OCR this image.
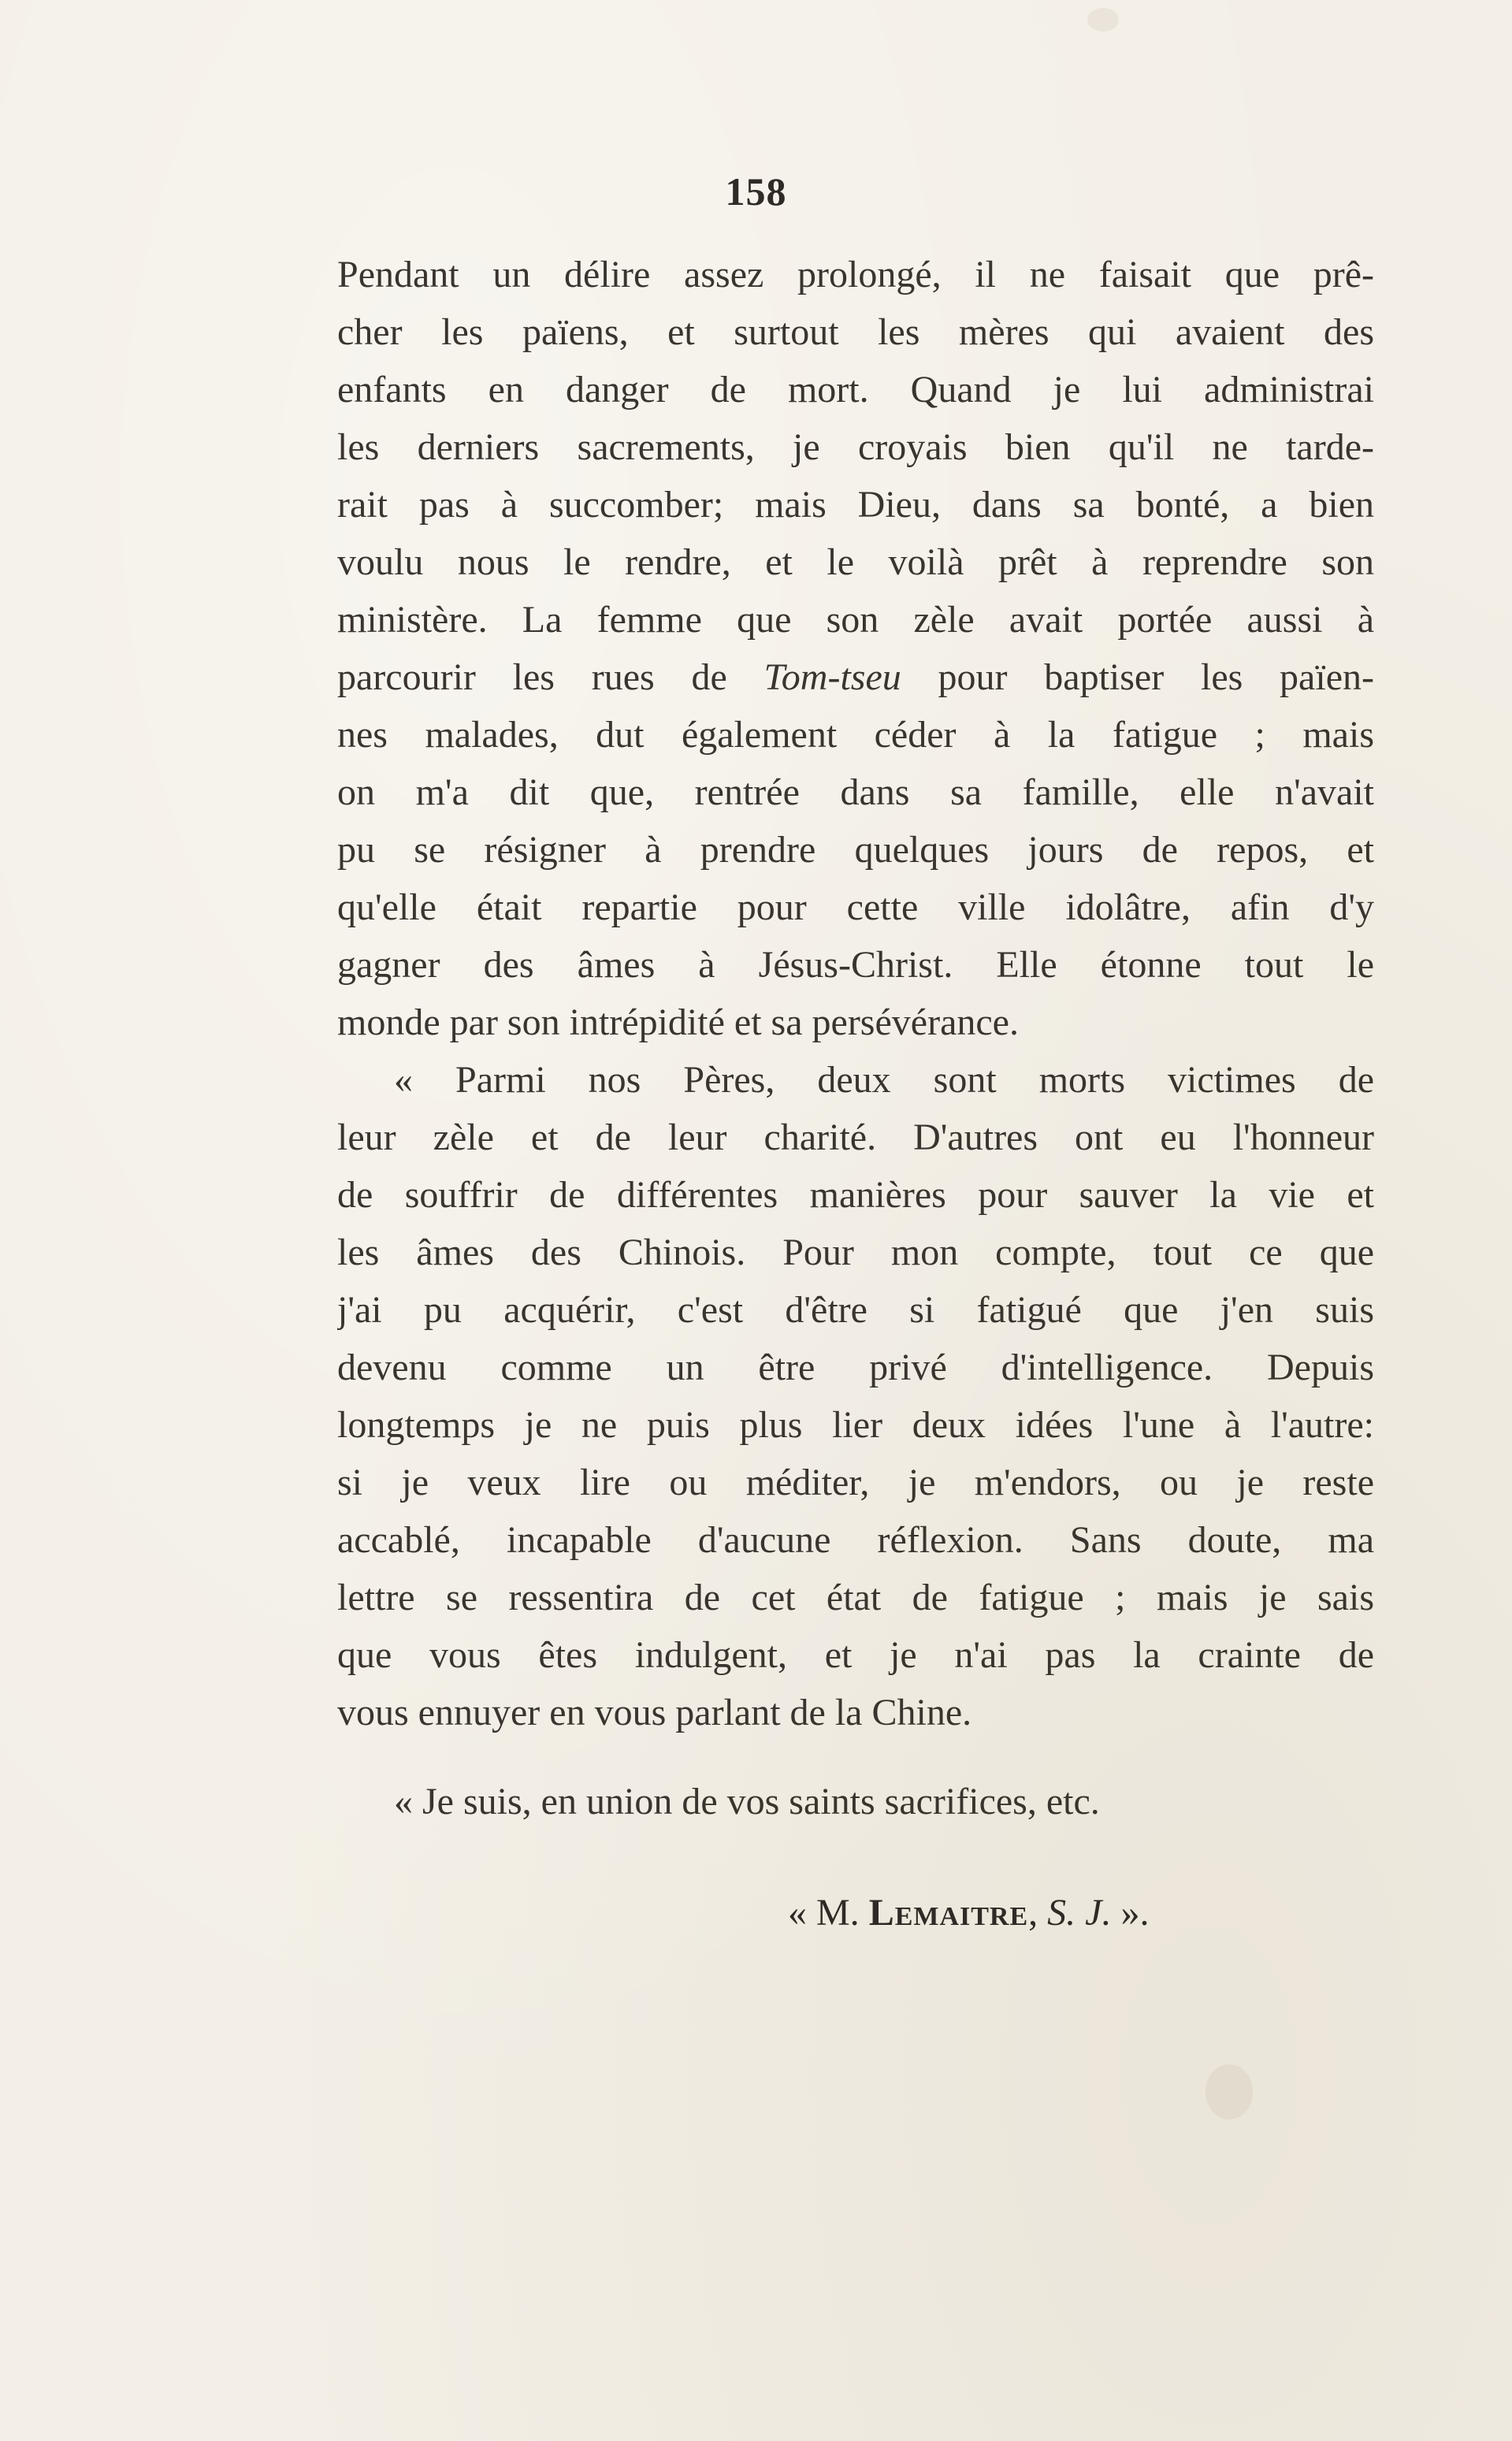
158
Pendant un délire assez prolongé, il ne faisait que prê-
cher les païens, et surtout les mères qui avaient des
enfants en danger de mort. Quand je lui administrai
les derniers sacrements, je croyais bien qu'il ne tarde-
rait pas à succomber; mais Dieu, dans sa bonté, a bien
voulu nous le rendre, et le voilà prêt à reprendre son
ministère. La femme que son zèle avait portée aussi à
parcourir les rues de Tom-tseu pour baptiser les païen-
nes malades, dut également céder à la fatigue ; mais
on m'a dit que, rentrée dans sa famille, elle n'avait
pu se résigner à prendre quelques jours de repos, et
qu'elle était repartie pour cette ville idolâtre, afin d'y
gagner des âmes à Jésus-Christ. Elle étonne tout le
monde par son intrépidité et sa persévérance.
« Parmi nos Pères, deux sont morts victimes de
leur zèle et de leur charité. D'autres ont eu l'honneur
de souffrir de différentes manières pour sauver la vie et
les âmes des Chinois. Pour mon compte, tout ce que
j'ai pu acquérir, c'est d'être si fatigué que j'en suis
devenu comme un être privé d'intelligence. Depuis
longtemps je ne puis plus lier deux idées l'une à l'autre:
si je veux lire ou méditer, je m'endors, ou je reste
accablé, incapable d'aucune réflexion. Sans doute, ma
lettre se ressentira de cet état de fatigue ; mais je sais
que vous êtes indulgent, et je n'ai pas la crainte de
vous ennuyer en vous parlant de la Chine.
« Je suis, en union de vos saints sacrifices, etc.
« M. Lemaitre, S. J. ».
